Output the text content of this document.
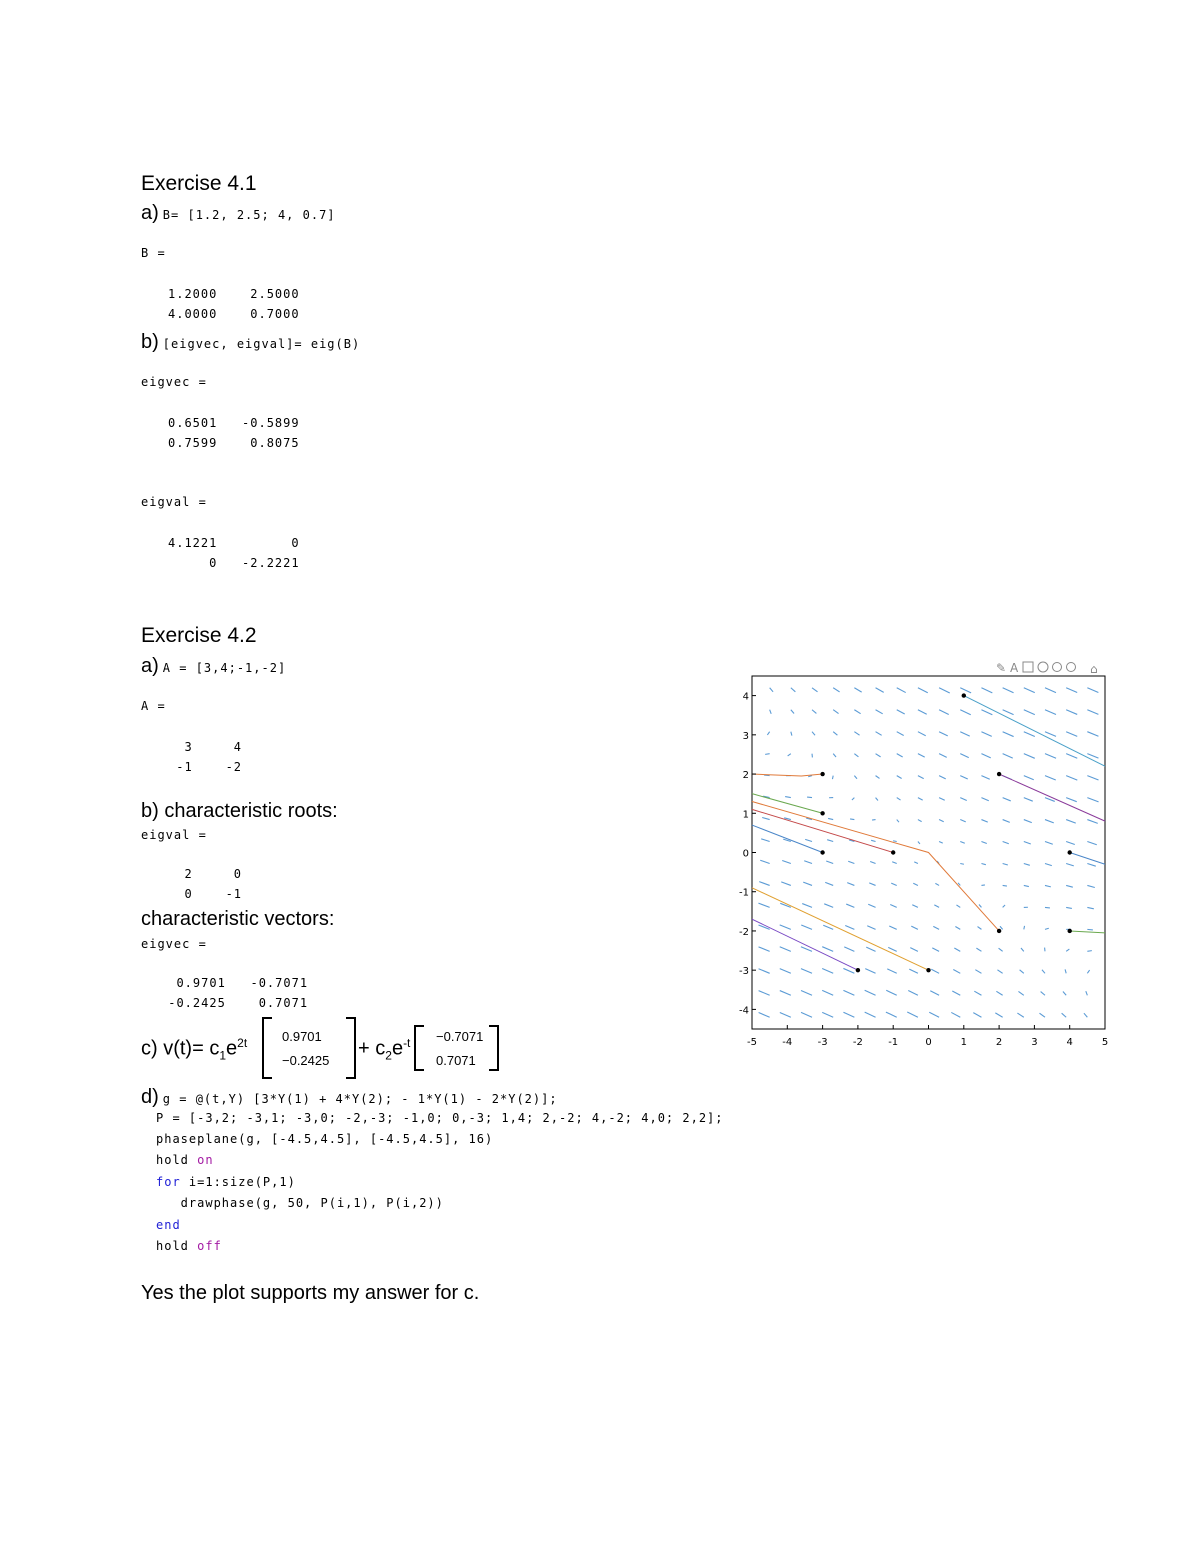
Exercise 4.1
a) B= [1.2, 2.5; 4, 0.7]
B =
1.2000    2.5000
4.0000    0.7000
b) [eigvec, eigval]= eig(B)
eigvec =
0.6501   -0.5899
0.7599    0.8075
eigval =
4.1221         0
0   -2.2221
Exercise 4.2
a) A = [3,4;-1,-2]
A =
3     4
-1    -2
b) characteristic roots:
eigval =
2     0
0    -1
characteristic vectors:
eigvec =
0.9701   -0.7071
-0.2425    0.7071
c) $v(t)= c_1e^{2t}$	0.9701
−0.2425
+ $c_2e^{-t} -0.7071$
0.7071
d) g = @(t,Y) [3*Y(1) + 4*Y(2); - 1*Y(1) - 2*Y(2)];
P = [-3,2; -3,1; -3,0; -2,-3; -1,0; 0,-3; 1,4; 2,-2; 4,-2; 4,0; 2,2];
phaseplane(g, [-4.5,4.5], [-4.5,4.5], 16)
hold on
for i=1:size(P,1)
drawphase(g, 50, P(i,1), P(i,2))
end
hold off
Yes the plot supports my answer for c.
✎ A	⌂
-5	-4	-3	-2	-1	0	1	2	3	4	5
-4
-3
-2
-1
0
1
2
3
4
